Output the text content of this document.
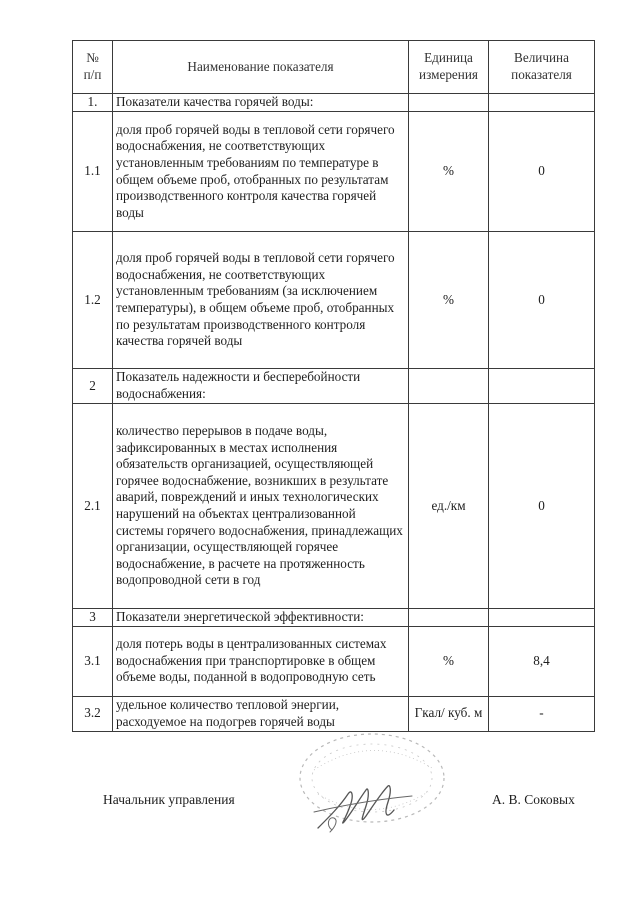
№
п/п	Наименование показателя	Единица измерения	Величина показателя
1.	Показатели качества горячей воды:		
1.1	доля проб горячей воды в тепловой сети горячего водоснабжения, не соответствующих установленным требованиям по температуре в общем объеме проб, отобранных по результатам производственного контроля качества горячей воды	%	0
1.2	доля проб горячей воды в тепловой сети горячего водоснабжения, не соответствующих установленным требованиям (за исключением температуры), в общем объеме проб, отобранных по результатам производственного контроля качества горячей воды	%	0
2	Показатель надежности и бесперебойности водоснабжения:		
2.1	количество перерывов в подаче воды, зафиксированных в местах исполнения обязательств организацией, осуществляющей горячее водоснабжение, возникших в результате аварий, повреждений и иных технологических нарушений на объектах централизованной системы горячего водоснабжения, принадлежащих организации, осуществляющей горячее водоснабжение, в расчете на протяженность водопроводной сети в год	ед./км	0
3	Показатели энергетической эффективности:		
3.1	доля потерь воды в централизованных системах водоснабжения при транспортировке в общем объеме воды, поданной в водопроводную сеть	%	8,4
3.2	удельное количество тепловой энергии, расходуемое на подогрев горячей воды	Гкал/ куб. м	-
Начальник управления	А. В. Соковых
